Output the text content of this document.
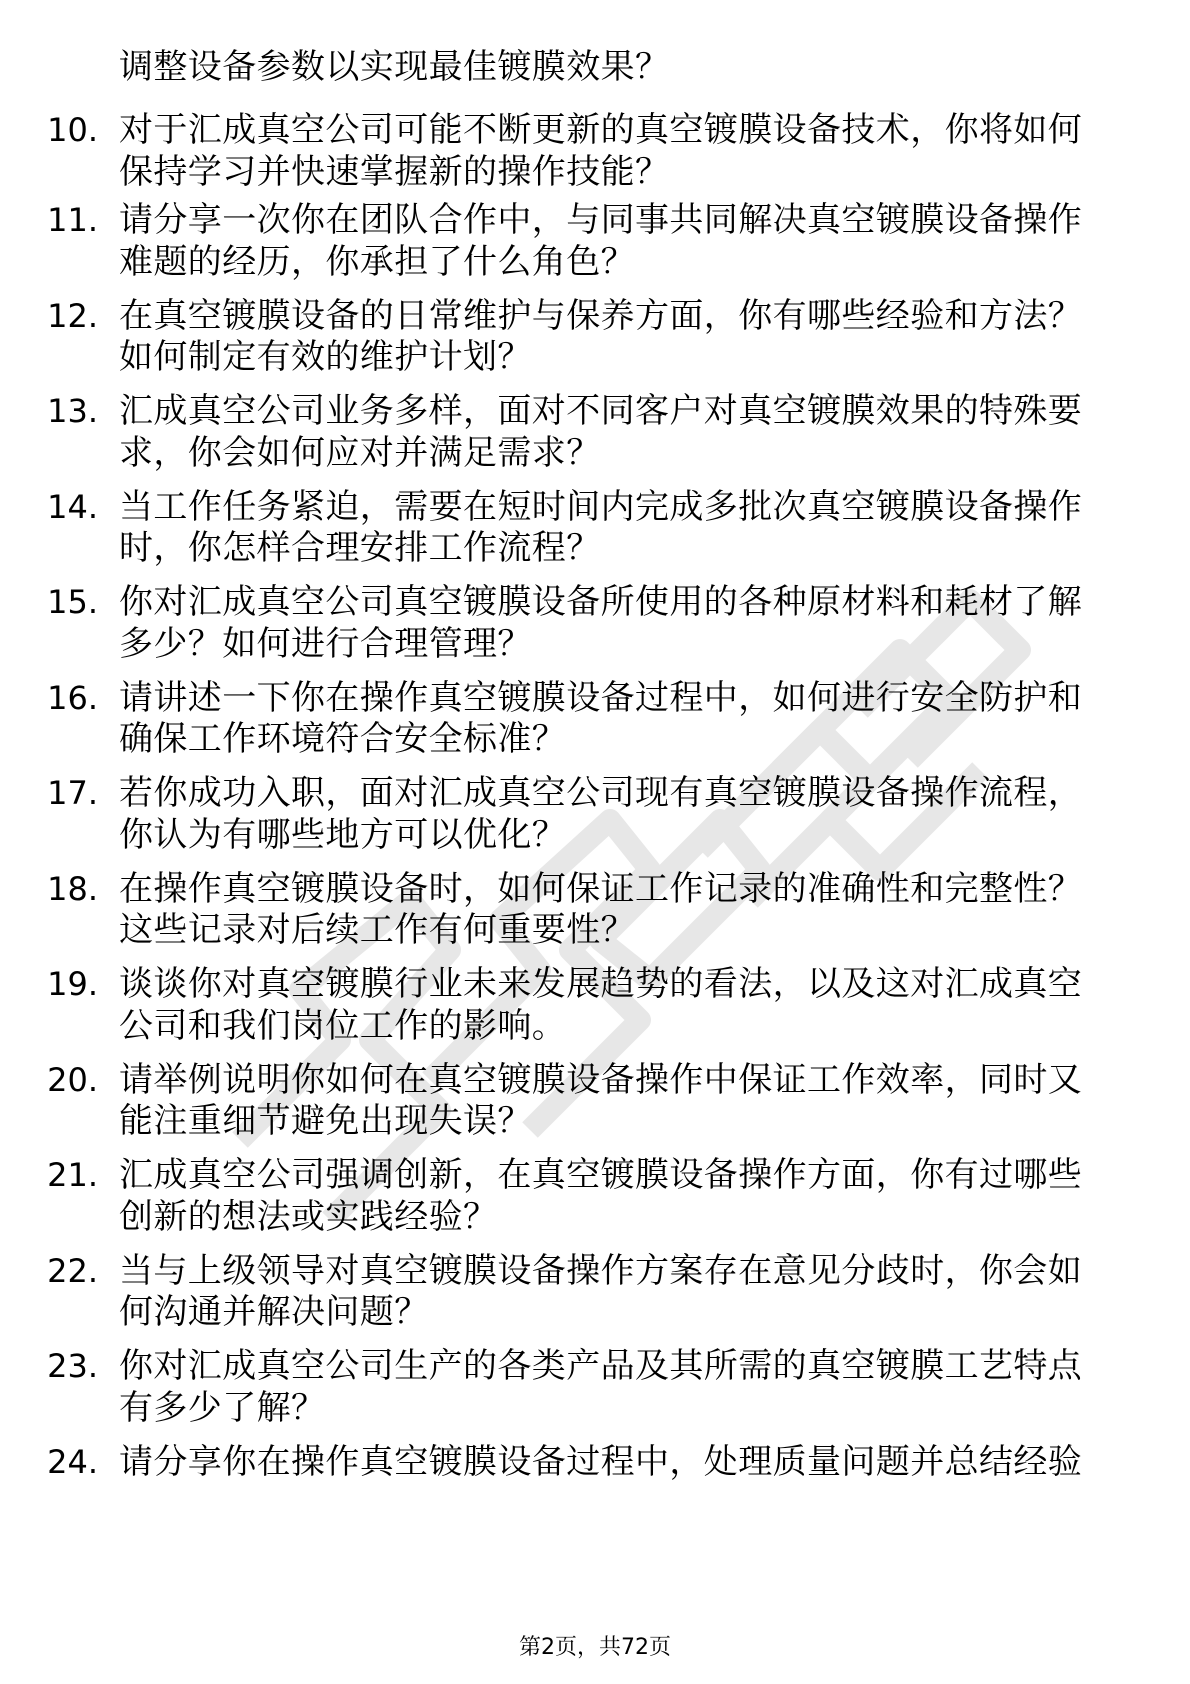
调整设备参数以实现最佳镀膜效果？
10. 对于汇成真空公司可能不断更新的真空镀膜设备技术，你将如何
保持学习并快速掌握新的操作技能？
11. 请分享一次你在团队合作中，与同事共同解决真空镀膜设备操作
难题的经历，你承担了什么角色？
12. 在真空镀膜设备的日常维护与保养方面，你有哪些经验和方法？
如何制定有效的维护计划？
13. 汇成真空公司业务多样，面对不同客户对真空镀膜效果的特殊要
求，你会如何应对并满足需求？
14. 当工作任务紧迫，需要在短时间内完成多批次真空镀膜设备操作
时，你怎样合理安排工作流程？
15. 你对汇成真空公司真空镀膜设备所使用的各种原材料和耗材了解
多少？如何进行合理管理？
16. 请讲述一下你在操作真空镀膜设备过程中，如何进行安全防护和
确保工作环境符合安全标准？
17. 若你成功入职，面对汇成真空公司现有真空镀膜设备操作流程，
你认为有哪些地方可以优化？
18. 在操作真空镀膜设备时，如何保证工作记录的准确性和完整性？
这些记录对后续工作有何重要性？
19. 谈谈你对真空镀膜行业未来发展趋势的看法，以及这对汇成真空
公司和我们岗位工作的影响。
20. 请举例说明你如何在真空镀膜设备操作中保证工作效率，同时又
能注重细节避免出现失误？
21. 汇成真空公司强调创新，在真空镀膜设备操作方面，你有过哪些
创新的想法或实践经验？
22. 当与上级领导对真空镀膜设备操作方案存在意见分歧时，你会如
何沟通并解决问题？
23. 你对汇成真空公司生产的各类产品及其所需的真空镀膜工艺特点
有多少了解？
24. 请分享你在操作真空镀膜设备过程中，处理质量问题并总结经验
第2页，共72页
